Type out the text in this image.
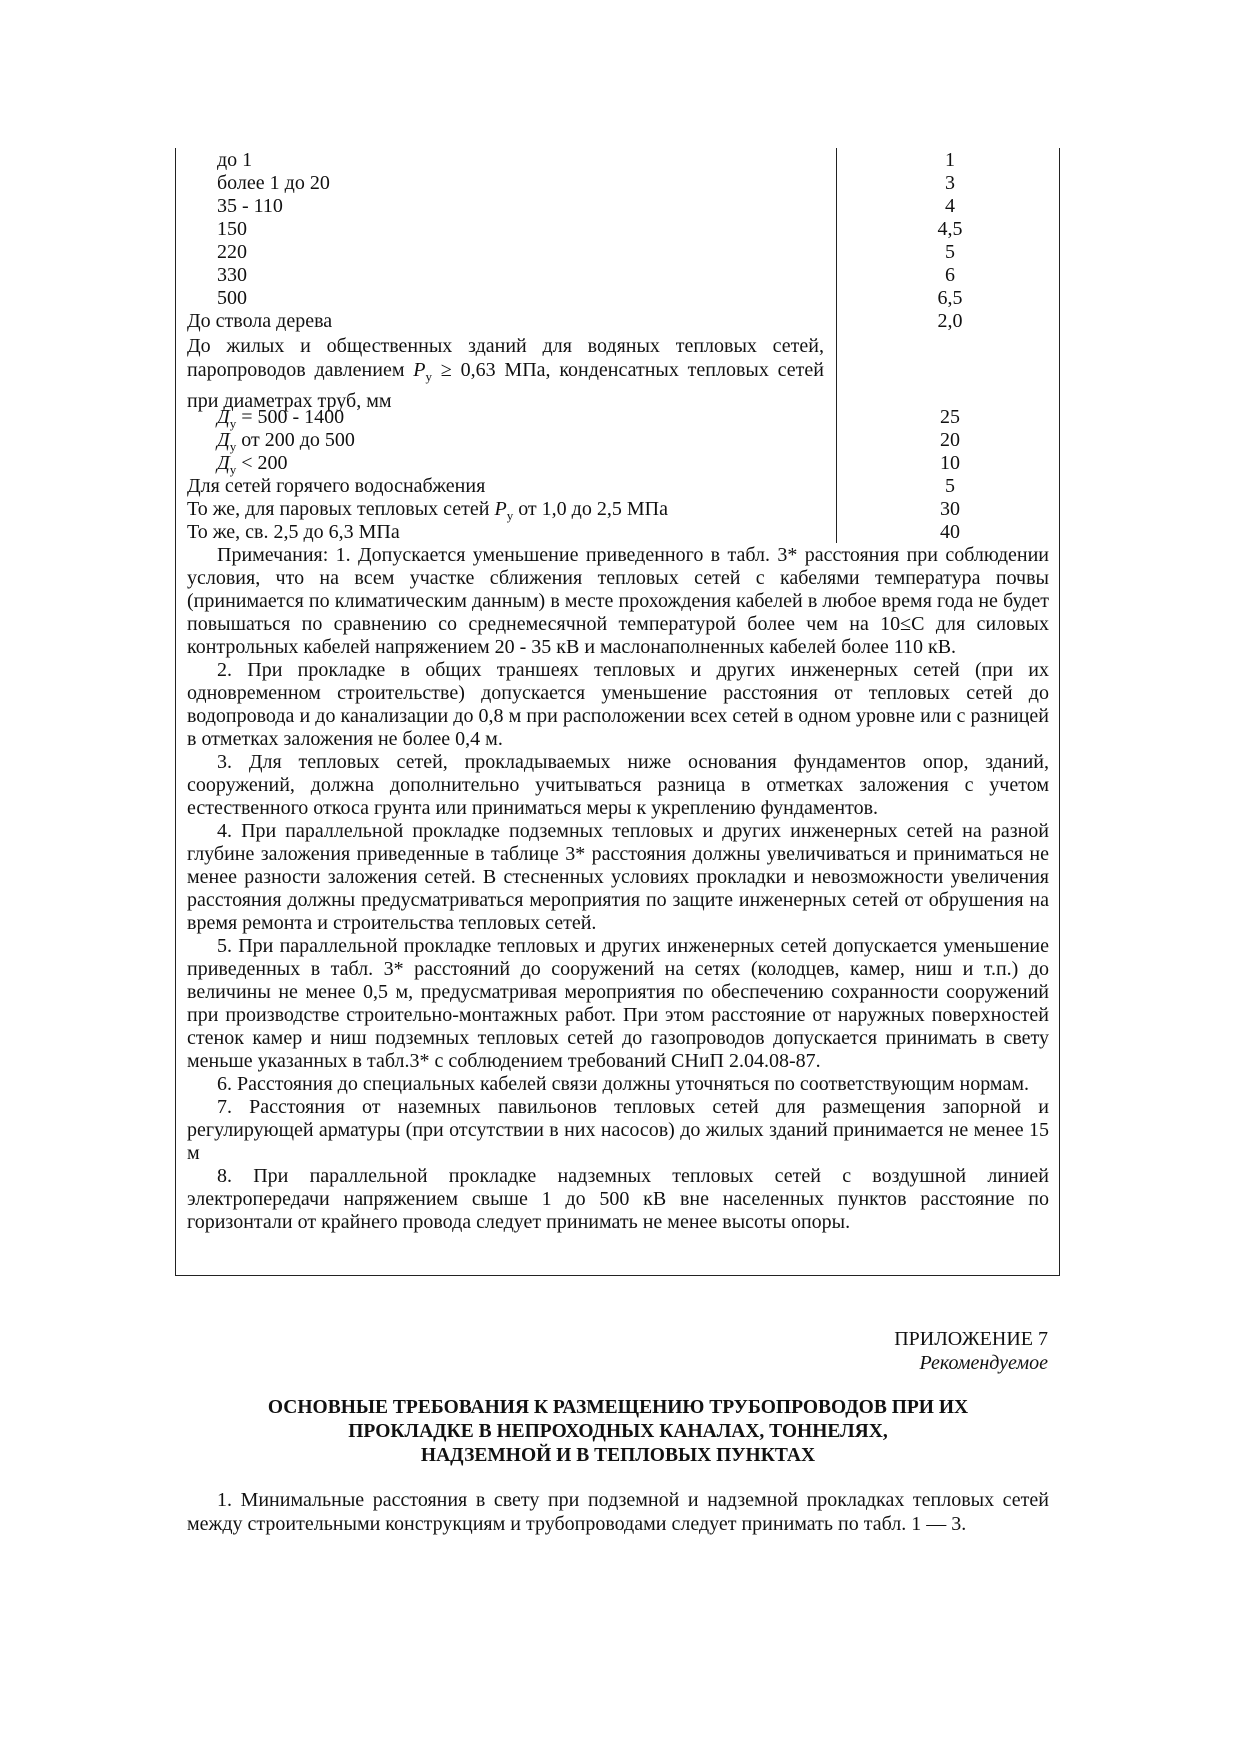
до 1	1
более 1 до 20	3
35 - 110	4
150	4,5
220	5
330	6
500	6,5
До ствола дерева	2,0
До жилых и общественных зданий для водяных тепловых сетей, паропроводов давлением $P_у \ge 0,63$ МПа, конденсатных тепловых сетей при диаметрах труб, мм
$Д_у = 500 - 1400$	25
$Д_у$ от 200 до 500	20
$Д_у < 200$	10
Для сетей горячего водоснабжения	5
То же, для паровых тепловых сетей $P_у$ от 1,0 до 2,5 МПа	30
То же, св. 2,5 до 6,3 МПа	40

Примечания: 1. Допускается уменьшение приведенного в табл. 3* расстояния при соблюдении условия, что на всем участке сближения тепловых сетей с кабелями температура почвы (принимается по климатическим данным) в месте прохождения кабелей в любое время года не будет повышаться по сравнению со среднемесячной температурой более чем на 10≤С для силовых контрольных кабелей напряжением 20 - 35 кВ и маслонаполненных кабелей более 110 кВ.

2. При прокладке в общих траншеях тепловых и других инженерных сетей (при их одновременном строительстве) допускается уменьшение расстояния от тепловых сетей до водопровода и до канализации до 0,8 м при расположении всех сетей в одном уровне или с разницей в отметках заложения не более 0,4 м.

3. Для тепловых сетей, прокладываемых ниже основания фундаментов опор, зданий, сооружений, должна дополнительно учитываться разница в отметках заложения с учетом естественного откоса грунта или приниматься меры к укреплению фундаментов.

4. При параллельной прокладке подземных тепловых и других инженерных сетей на разной глубине заложения приведенные в таблице 3* расстояния должны увеличиваться и приниматься не менее разности заложения сетей. В стесненных условиях прокладки и невозможности увеличения расстояния должны предусматриваться мероприятия по защите инженерных сетей от обрушения на время ремонта и строительства тепловых сетей.

5. При параллельной прокладке тепловых и других инженерных сетей допускается уменьшение приведенных в табл. 3* расстояний до сооружений на сетях (колодцев, камер, ниш и т.п.) до величины не менее 0,5 м, предусматривая мероприятия по обеспечению сохранности сооружений при производстве строительно-монтажных работ. При этом расстояние от наружных поверхностей стенок камер и ниш подземных тепловых сетей до газопроводов допускается принимать в свету меньше указанных в табл.3* с соблюдением требований СНиП 2.04.08-87.

6. Расстояния до специальных кабелей связи должны уточняться по соответствующим нормам.

7. Расстояния от наземных павильонов тепловых сетей для размещения запорной и регулирующей арматуры (при отсутствии в них насосов) до жилых зданий принимается не менее 15 м

8. При параллельной прокладке надземных тепловых сетей с воздушной линией электропередачи напряжением свыше 1 до 500 кВ вне населенных пунктов расстояние по горизонтали от крайнего провода следует принимать не менее высоты опоры.

ПРИЛОЖЕНИЕ 7
Рекомендуемое
ОСНОВНЫЕ ТРЕБОВАНИЯ К РАЗМЕЩЕНИЮ ТРУБОПРОВОДОВ ПРИ ИХ
ПРОКЛАДКЕ В НЕПРОХОДНЫХ КАНАЛАХ, ТОННЕЛЯХ,
НАДЗЕМНОЙ И В ТЕПЛОВЫХ ПУНКТАХ

1. Минимальные расстояния в свету при подземной и надземной прокладках тепловых сетей между строительными конструкциям и трубопроводами следует принимать по табл. 1 — 3.
